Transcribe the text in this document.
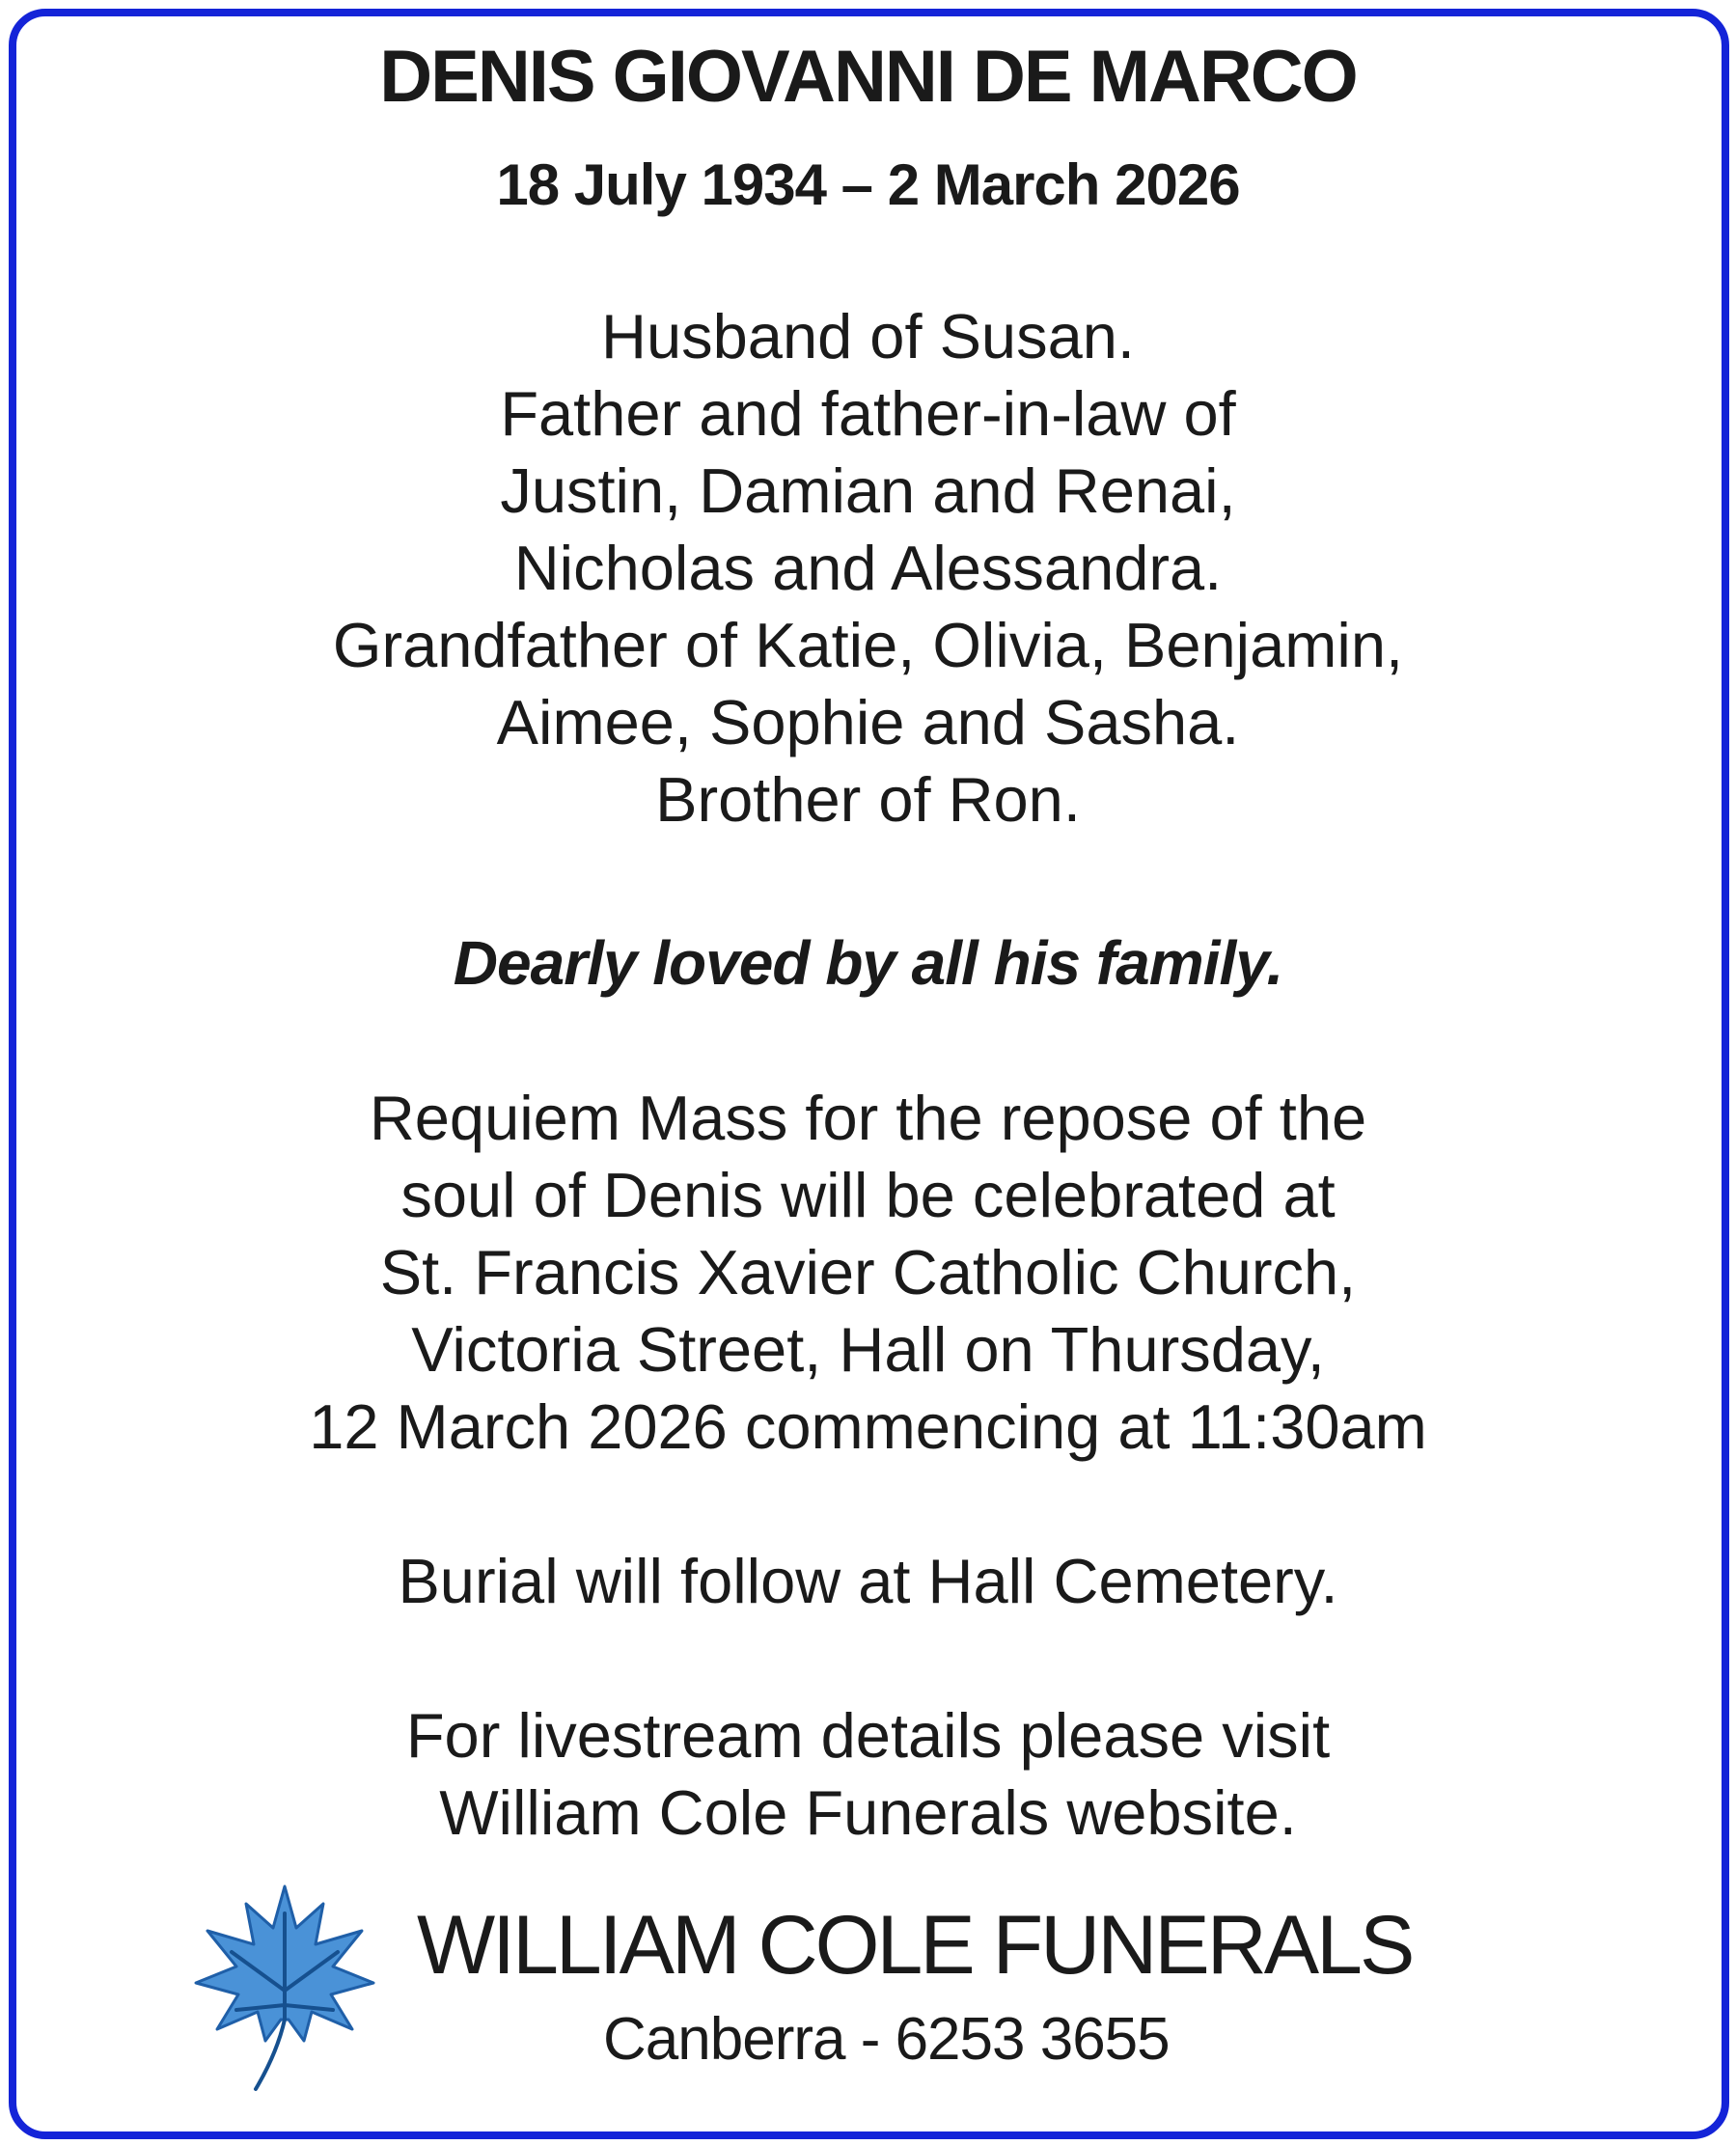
DENIS GIOVANNI DE MARCO
18 July 1934 – 2 March 2026
Husband of Susan.
Father and father-in-law of
Justin, Damian and Renai,
Nicholas and Alessandra.
Grandfather of Katie, Olivia, Benjamin,
Aimee, Sophie and Sasha.
Brother of Ron.
Dearly loved by all his family.
Requiem Mass for the repose of the
soul of Denis will be celebrated at
St. Francis Xavier Catholic Church,
Victoria Street, Hall on Thursday,
12 March 2026 commencing at 11:30am
Burial will follow at Hall Cemetery.
For livestream details please visit
William Cole Funerals website.
WILLIAM COLE FUNERALS
Canberra - 6253 3655
